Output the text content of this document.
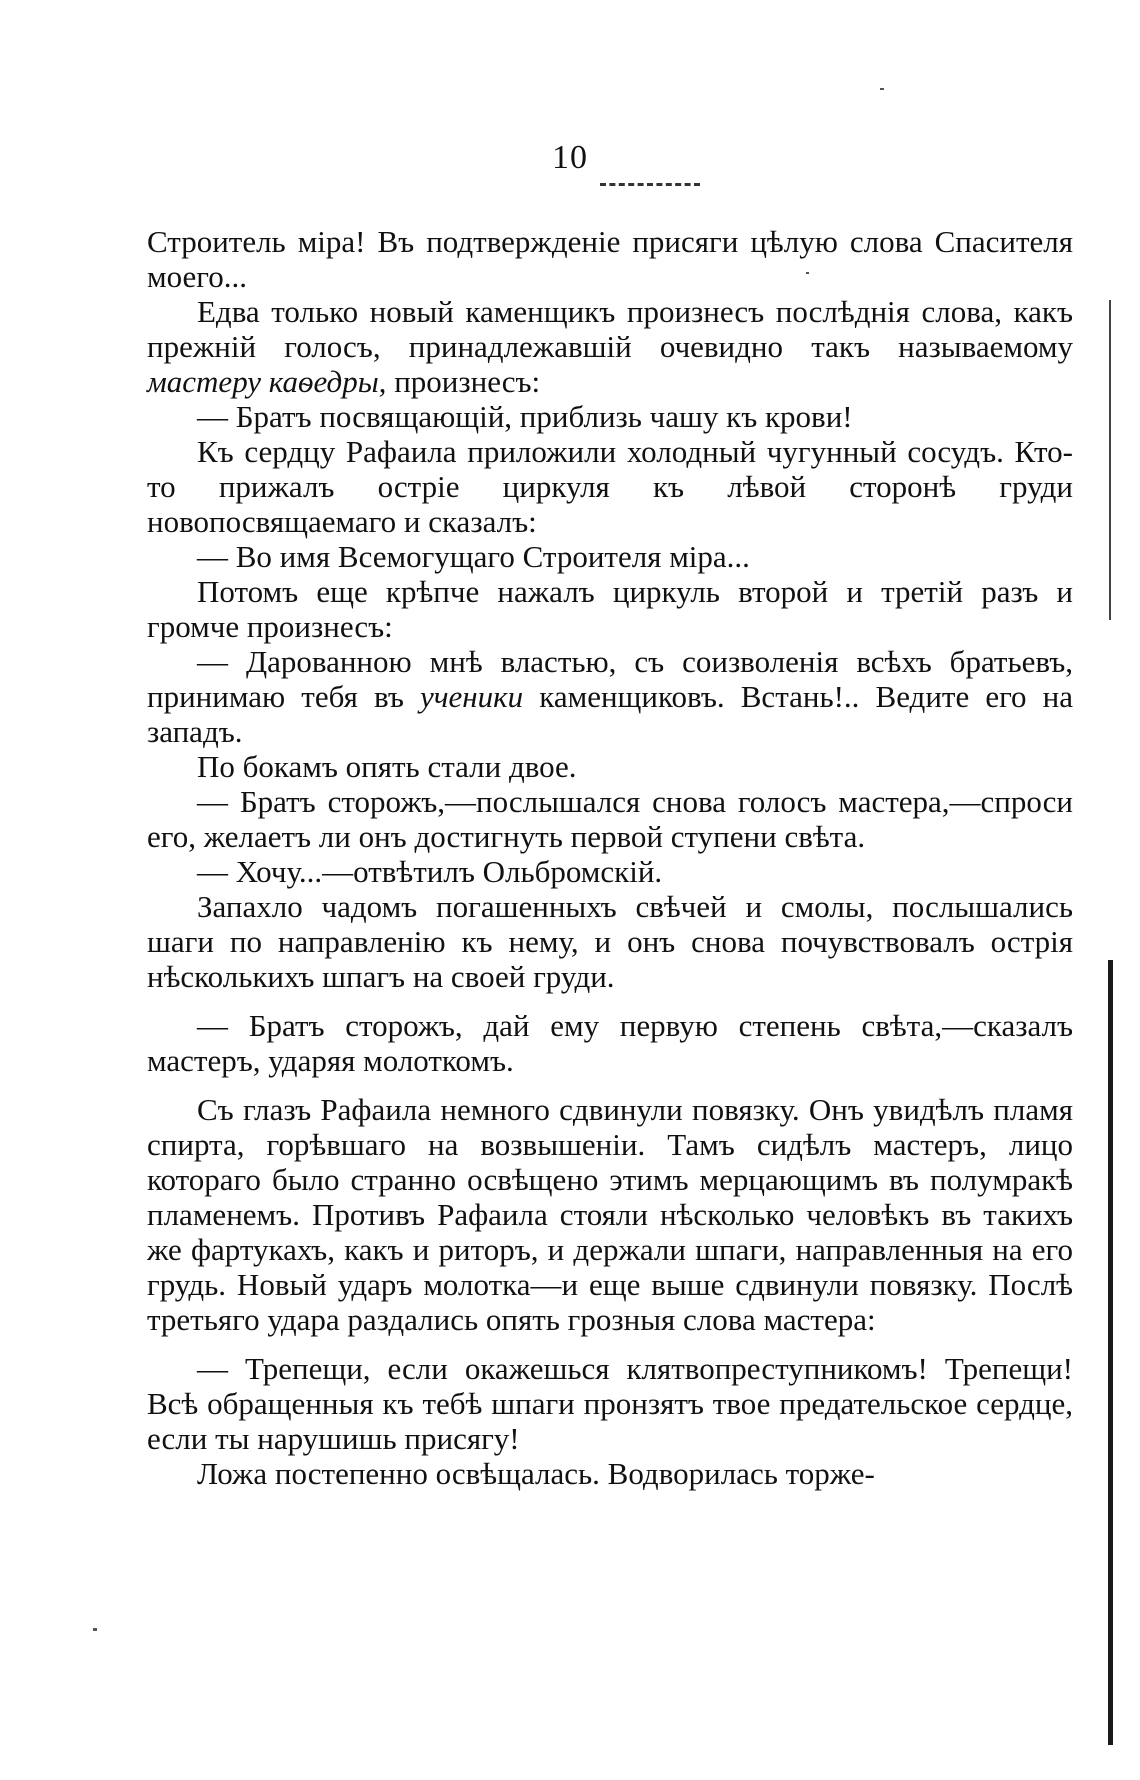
10

Строитель міра! Въ подтвержденіе присяги цѣлую слова Спасителя моего...

Едва только новый каменщикъ произнесъ послѣднія слова, какъ прежній голосъ, принадлежавшій очевидно такъ называемому мастеру каѳедры, произнесъ:

— Братъ посвящающій, приблизь чашу къ крови!

Къ сердцу Рафаила приложили холодный чугунный сосудъ. Кто-то прижалъ остріе циркуля къ лѣвой сторонѣ груди новопосвящаемаго и сказалъ:

— Во имя Всемогущаго Строителя міра...

Потомъ еще крѣпче нажалъ циркуль второй и третій разъ и громче произнесъ:

— Дарованною мнѣ властью, съ соизволенія всѣхъ братьевъ, принимаю тебя въ ученики каменщиковъ. Встань!.. Ведите его на западъ.

По бокамъ опять стали двое.

— Братъ сторожъ,—послышался снова голосъ мастера,—спроси его, желаетъ ли онъ достигнуть первой ступени свѣта.

— Хочу...—отвѣтилъ Ольбромскій.

Запахло чадомъ погашенныхъ свѣчей и смолы, послышались шаги по направленію къ нему, и онъ снова почувствовалъ острія нѣсколькихъ шпагъ на своей груди.

— Братъ сторожъ, дай ему первую степень свѣта,—сказалъ мастеръ, ударяя молоткомъ.

Съ глазъ Рафаила немного сдвинули повязку. Онъ увидѣлъ пламя спирта, горѣвшаго на возвышеніи. Тамъ сидѣлъ мастеръ, лицо котораго было странно освѣщено этимъ мерцающимъ въ полумракѣ пламенемъ. Противъ Рафаила стояли нѣсколько человѣкъ въ такихъ же фартукахъ, какъ и риторъ, и держали шпаги, направленныя на его грудь. Новый ударъ молотка—и еще выше сдвинули повязку. Послѣ третьяго удара раздались опять грозныя слова мастера:

— Трепещи, если окажешься клятвопреступникомъ! Трепещи! Всѣ обращенныя къ тебѣ шпаги пронзятъ твое предательское сердце, если ты нарушишь присягу!

Ложа постепенно освѣщалась. Водворилась торже-
